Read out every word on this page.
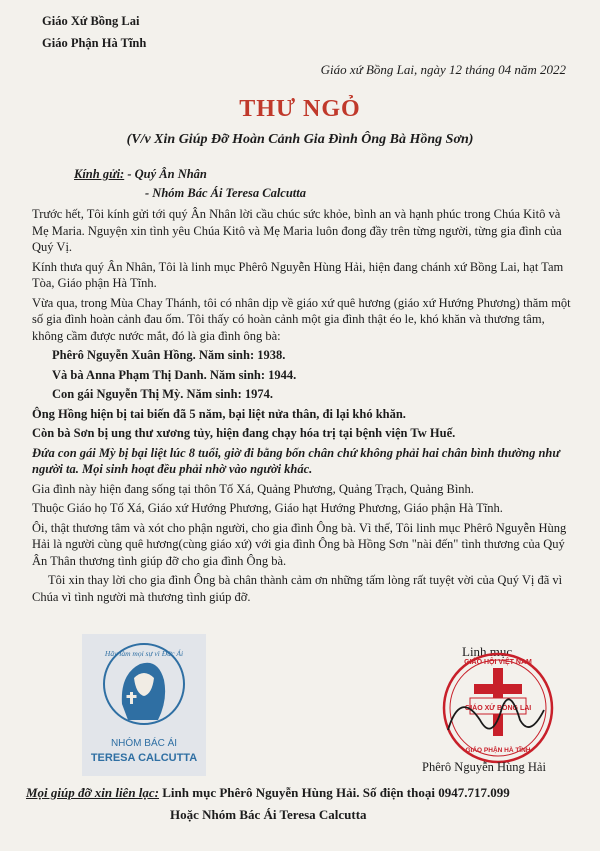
Giáo Xứ Bồng Lai
Giáo Phận Hà Tĩnh
Giáo xứ Bồng Lai, ngày 12 tháng 04 năm 2022
THƯ NGỎ
(V/v Xin Giúp Đỡ Hoàn Cảnh Gia Đình Ông Bà Hồng Sơn)
Kính gửi: - Quý Ân Nhân
- Nhóm Bác Ái Teresa Calcutta

Trước hết, Tôi kính gửi tới quý Ân Nhân lời cầu chúc sức khỏe, bình an và hạnh phúc trong Chúa Kitô và Mẹ Maria. Nguyện xin tình yêu Chúa Kitô và Mẹ Maria luôn đong đầy trên từng người, từng gia đình của Quý Vị.

Kính thưa quý Ân Nhân, Tôi là linh mục Phêrô Nguyễn Hùng Hải, hiện đang chánh xứ Bồng Lai, hạt Tam Tòa, Giáo phận Hà Tĩnh.

Vừa qua, trong Mùa Chay Thánh, tôi có nhân dịp về giáo xứ quê hương (giáo xứ Hướng Phương) thăm một số gia đình hoàn cảnh đau ốm. Tôi thấy có hoàn cảnh một gia đình thật éo le, khó khăn và thương tâm, không cầm được nước mắt, đó là gia đình ông bà:

Phêrô Nguyễn Xuân Hồng. Năm sinh: 1938.

Và bà Anna Phạm Thị Danh. Năm sinh: 1944.

Con gái Nguyễn Thị Mỳ. Năm sinh: 1974.

Ông Hồng hiện bị tai biến đã 5 năm, bại liệt nửa thân, đi lại khó khăn.

Còn bà Sơn bị ung thư xương tủy, hiện đang chạy hóa trị tại bệnh viện Tw Huế.

Đứa con gái Mỳ bị bại liệt lúc 8 tuổi, giờ đi bằng bốn chân chứ không phải hai chân bình thường như người ta. Mọi sinh hoạt đều phải nhờ vào người khác.

Gia đình này hiện đang sống tại thôn Tố Xá, Quảng Phương, Quảng Trạch, Quảng Bình.

Thuộc Giáo họ Tố Xá, Giáo xứ Hướng Phương, Giáo hạt Hướng Phương, Giáo phận Hà Tĩnh.

Ôi, thật thương tâm và xót cho phận người, cho gia đình Ông bà. Vì thế, Tôi linh mục Phêrô Nguyễn Hùng Hải là người cùng quê hương(cùng giáo xứ) với gia đình Ông bà Hồng Sơn "nài đến" tình thương của Quý Ân Thân thương tình giúp đỡ cho gia đình Ông bà.

Tôi xin thay lời cho gia đình Ông bà chân thành cảm ơn những tấm lòng rất tuyệt vời của Quý Vị đã vì Chúa vì tình người mà thương tình giúp đỡ.

Hãy làm mọi sự vì Đức Ái
NHÓM BÁC ÁI
TERESA CALCUTTA
Linh mục
GIÁO HỘI VIỆT NAM
GIÁO XỨ BỒNG LAI
GIÁO PHẬN HÀ TĨNH
Phêrô Nguyễn Hùng Hải
Mọi giúp đỡ xin liên lạc: Linh mục Phêrô Nguyễn Hùng Hải. Số điện thoại 0947.717.099
Hoặc Nhóm Bác Ái Teresa Calcutta
